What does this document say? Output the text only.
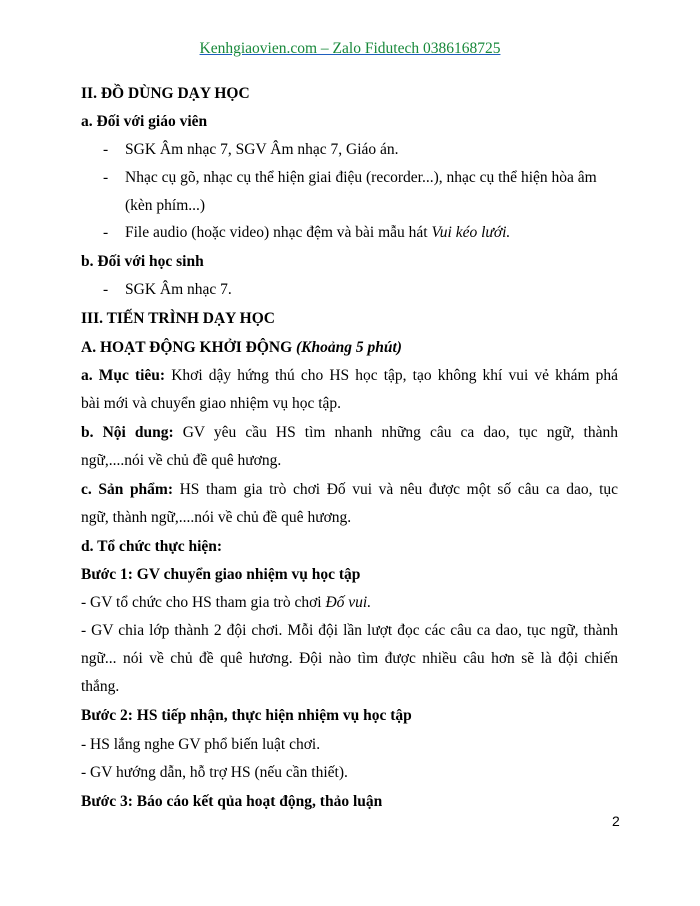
Kenhgiaovien.com – Zalo Fidutech 0386168725
II. ĐỒ DÙNG DẠY HỌC
a. Đối với giáo viên
- SGK Âm nhạc 7, SGV Âm nhạc 7, Giáo án.
- Nhạc cụ gõ, nhạc cụ thể hiện giai điệu (recorder...), nhạc cụ thể hiện hòa âm
(kèn phím...)
- File audio (hoặc video) nhạc đệm và bài mẫu hát Vui kéo lưới.
b. Đối với học sinh
- SGK Âm nhạc 7.
III. TIẾN TRÌNH DẠY HỌC
A. HOẠT ĐỘNG KHỞI ĐỘNG (Khoảng 5 phút)
a. Mục tiêu: Khơi dậy hứng thú cho HS học tập, tạo không khí vui vẻ khám phá
bài mới và chuyển giao nhiệm vụ học tập.
b. Nội dung: GV yêu cầu HS tìm nhanh những câu ca dao, tục ngữ, thành
ngữ,....nói về chủ đề quê hương.
c. Sản phẩm: HS tham gia trò chơi Đố vui và nêu được một số câu ca dao, tục
ngữ, thành ngữ,....nói về chủ đề quê hương.
d. Tổ chức thực hiện:
Bước 1: GV chuyển giao nhiệm vụ học tập
- GV tổ chức cho HS tham gia trò chơi Đố vui.
- GV chia lớp thành 2 đội chơi. Mỗi đội lần lượt đọc các câu ca dao, tục ngữ, thành
ngữ... nói về chủ đề quê hương. Đội nào tìm được nhiều câu hơn sẽ là đội chiến
thắng.
Bước 2: HS tiếp nhận, thực hiện nhiệm vụ học tập
- HS lắng nghe GV phổ biến luật chơi.
- GV hướng dẫn, hỗ trợ HS (nếu cần thiết).
Bước 3: Báo cáo kết qủa hoạt động, thảo luận
2
